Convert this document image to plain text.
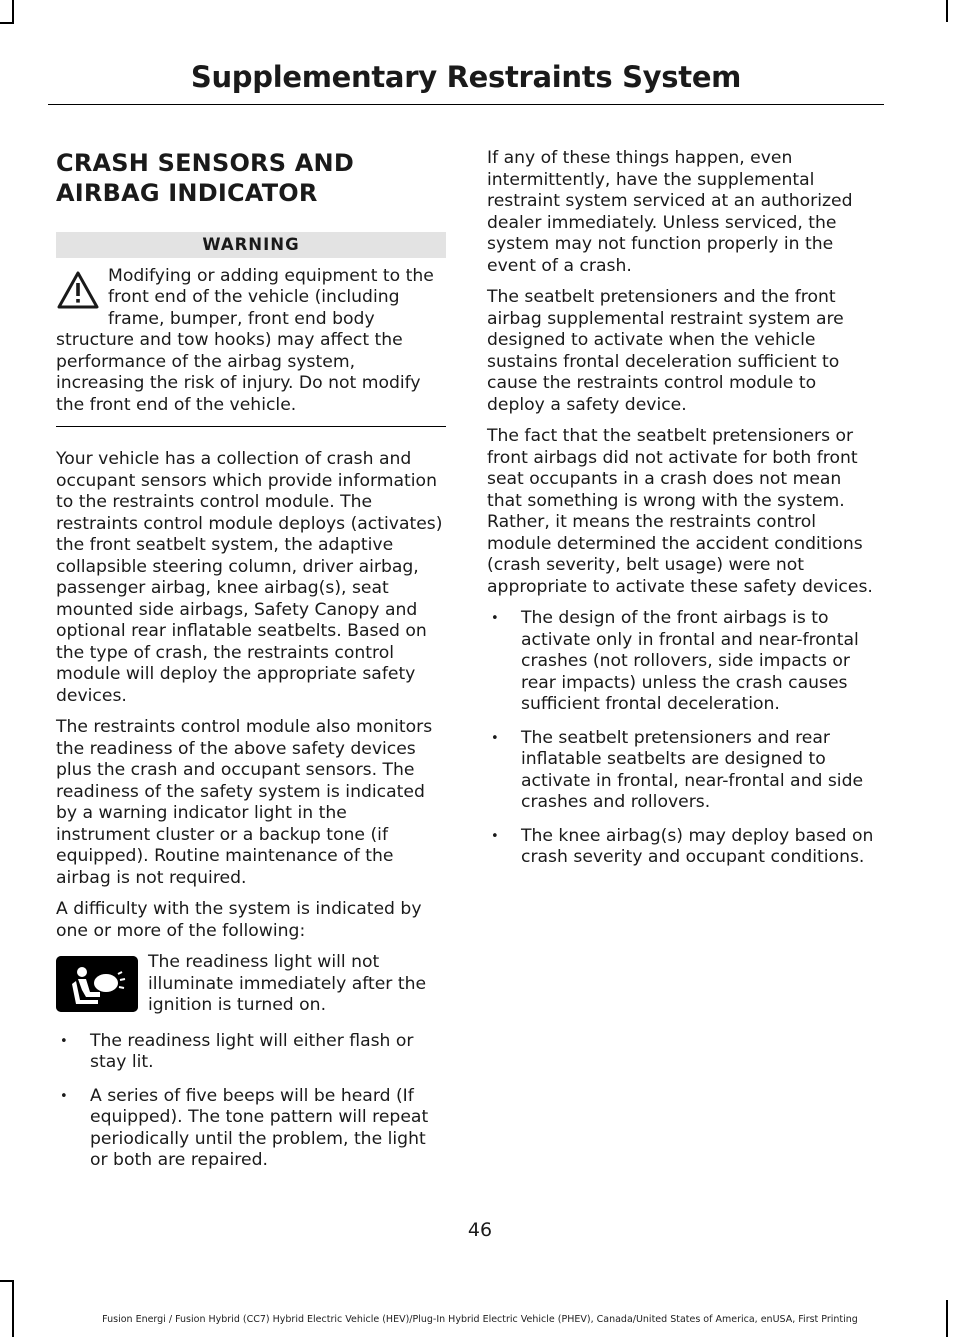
Supplementary Restraints System
CRASH SENSORS AND
AIRBAG INDICATOR
WARNING

Modifying or adding equipment to the front end of the vehicle (including frame, bumper, front end body structure and tow hooks) may affect the performance of the airbag system, increasing the risk of injury. Do not modify the front end of the vehicle.

Your vehicle has a collection of crash and occupant sensors which provide information to the restraints control module. The restraints control module deploys (activates) the front seatbelt system, the adaptive collapsible steering column, driver airbag, passenger airbag, knee airbag(s), seat mounted side airbags, Safety Canopy and optional rear inflatable seatbelts. Based on the type of crash, the restraints control module will deploy the appropriate safety devices.

The restraints control module also monitors the readiness of the above safety devices plus the crash and occupant sensors. The readiness of the safety system is indicated by a warning indicator light in the instrument cluster or a backup tone (if equipped). Routine maintenance of the airbag is not required.

A difficulty with the system is indicated by one or more of the following:

The readiness light will not illuminate immediately after the ignition is turned on.
• The readiness light will either flash or stay lit.
• A series of five beeps will be heard (If equipped). The tone pattern will repeat periodically until the problem, the light or both are repaired.

If any of these things happen, even intermittently, have the supplemental restraint system serviced at an authorized dealer immediately. Unless serviced, the system may not function properly in the event of a crash.

The seatbelt pretensioners and the front airbag supplemental restraint system are designed to activate when the vehicle sustains frontal deceleration sufficient to cause the restraints control module to deploy a safety device.

The fact that the seatbelt pretensioners or front airbags did not activate for both front seat occupants in a crash does not mean that something is wrong with the system. Rather, it means the restraints control module determined the accident conditions (crash severity, belt usage) were not appropriate to activate these safety devices.

• The design of the front airbags is to activate only in frontal and near-frontal crashes (not rollovers, side impacts or rear impacts) unless the crash causes sufficient frontal deceleration.
• The seatbelt pretensioners and rear inflatable seatbelts are designed to activate in frontal, near-frontal and side crashes and rollovers.
• The knee airbag(s) may deploy based on crash severity and occupant conditions.
46
Fusion Energi / Fusion Hybrid (CC7) Hybrid Electric Vehicle (HEV)/Plug-In Hybrid Electric Vehicle (PHEV), Canada/United States of America, enUSA, First Printing
